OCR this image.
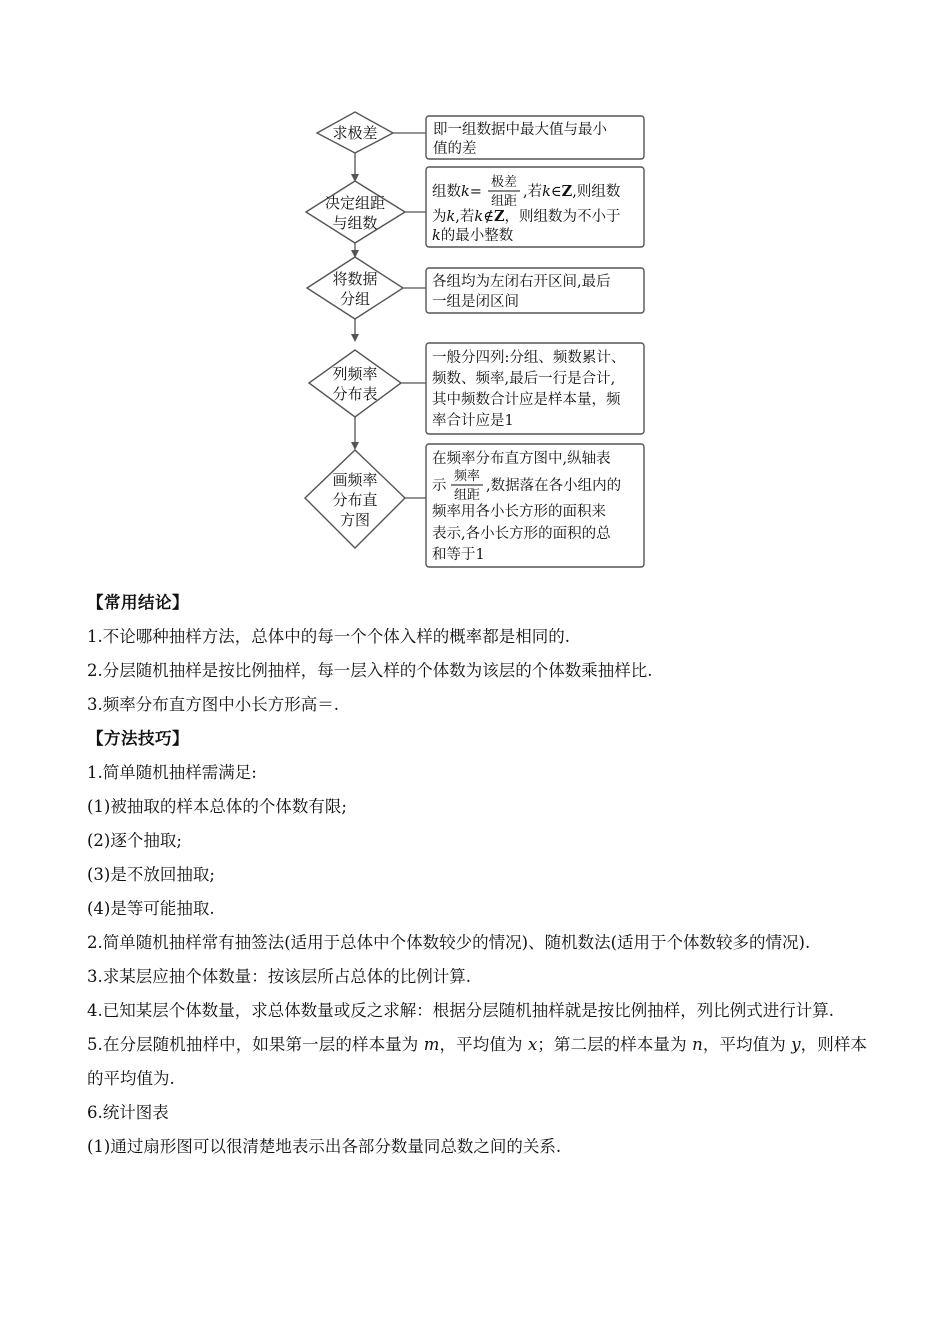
求极差	即一组数据中最大值与最小
值的差
决定组距
与组数
组数k=
极差
组距
,若k∈Z,则组数
为k,若k∉Z，则组数为不小于
k的最小整数
将数据
分组
各组均为左闭右开区间,最后
一组是闭区间
列频率
分布表
一般分四列:分组、频数累计、
频数、频率,最后一行是合计,
其中频数合计应是样本量，频
率合计应是1
画频率
分布直
方图
在频率分布直方图中,纵轴表
示
频率
组距
,数据落在各小组内的
频率用各小长方形的面积来
表示,各小长方形的面积的总
和等于1

【常用结论】

1.不论哪种抽样方法，总体中的每一个个体入样的概率都是相同的.

2.分层随机抽样是按比例抽样，每一层入样的个体数为该层的个体数乘抽样比.

3.频率分布直方图中小长方形高＝.

【方法技巧】

1.简单随机抽样需满足:

(1)被抽取的样本总体的个体数有限;

(2)逐个抽取;

(3)是不放回抽取;

(4)是等可能抽取.

2.简单随机抽样常有抽签法(适用于总体中个体数较少的情况)、随机数法(适用于个体数较多的情况).

3.求某层应抽个体数量：按该层所占总体的比例计算.

4.已知某层个体数量，求总体数量或反之求解：根据分层随机抽样就是按比例抽样，列比例式进行计算.

5.在分层随机抽样中，如果第一层的样本量为 m，平均值为 x；第二层的样本量为 n，平均值为 y，则样本的平均值为.

6.统计图表

(1)通过扇形图可以很清楚地表示出各部分数量同总数之间的关系.
